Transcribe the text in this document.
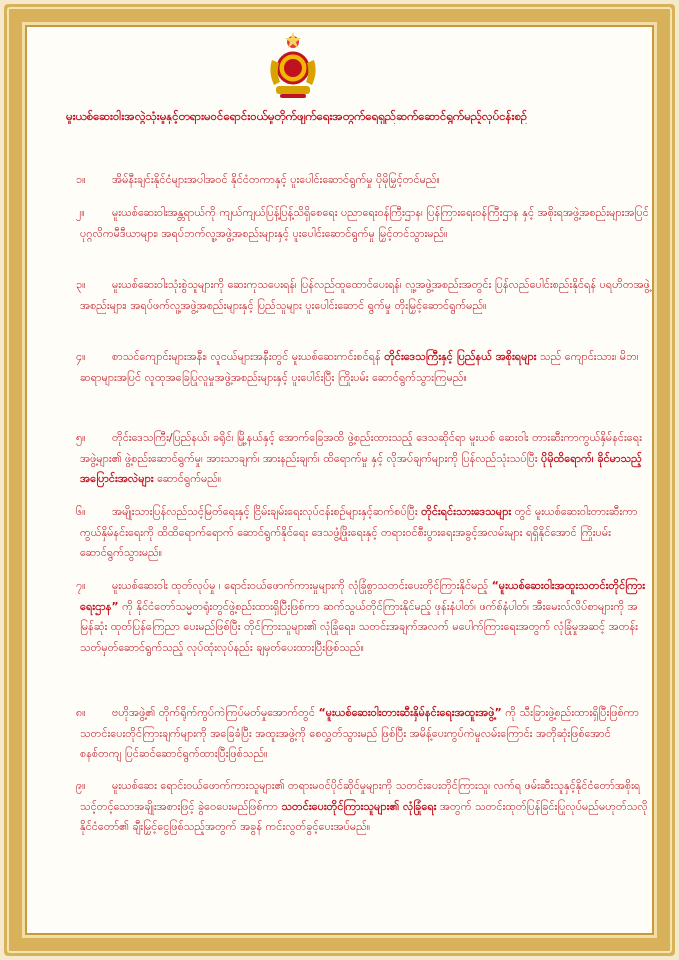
မူးယစ်ဆေးဝါးအလွဲသုံးမှုနှင့်တရားမဝင်ရောင်းဝယ်မှုတိုက်ဖျက်ရေးအတွက်ရေရှည်ဆက်ဆောင်ရွက်မည့်လုပ်ငန်းစဉ်
၁။	အိမ်နီးချင်းနိုင်ငံများအပါအဝင် နိုင်ငံတကာနှင့် ပူးပေါင်းဆောင်ရွက်မှု ပိုမိုမြှင့်တင်မည်။
၂။	မူးယစ်ဆေးဝါးအန္တရာယ်ကို ကျယ်ကျယ်ပြန့်ပြန့်သိရှိစေရေး ပညာရေးဝန်ကြီးဌာန၊ ပြန်ကြားရေးဝန်ကြီးဌာန နှင့် အစိုးရအဖွဲ့အစည်းများအပြင် ပုဂ္ဂလိကမီဒီယာများ၊ အရပ်ဘက်လူ့အဖွဲ့အစည်းများနှင့် ပူးပေါင်းဆောင်ရွက်မှု မြှင့်တင်သွားမည်။
၃။	မူးယစ်ဆေးဝါးသုံးစွဲသူများကို ဆေးကုသပေးရန်၊ ပြန်လည်ထူထောင်ပေးရန်၊ လူ့အဖွဲ့အစည်းအတွင်း ပြန်လည်ပေါင်းစည်းနိုင်ရန် ပရဟိတအဖွဲ့အစည်းများ၊ အရပ်ဖက်လူ့အဖွဲ့အစည်းများနှင့် ပြည်သူများ ပူးပေါင်းဆောင် ရွက်မှု တိုးမြှင့်ဆောင်ရွက်မည်။
၄။	စာသင်ကျောင်းများအနီး၊ လူငယ်များအနီးတွင် မူးယစ်ဆေးကင်းစင်ရန် တိုင်းဒေသကြီးနှင့် ပြည်နယ် အစိုးရများ သည် ကျောင်းသား၊ မိဘ၊ ဆရာများအပြင် လူထုအခြေပြုလူမှုအဖွဲ့အစည်းများနှင့် ပူးပေါင်းပြီး ကြိုးပမ်း ဆောင်ရွက်သွားကြမည်။
၅။	တိုင်းဒေသကြီး/ပြည်နယ်၊ ခရိုင်၊ မြို့နယ်နှင့် အောက်ခြေအထိ ဖွဲ့စည်းထားသည့် ဒေသဆိုင်ရာ မူးယစ် ဆေးဝါး တားဆီးကာကွယ်နှိမ်နင်းရေးအဖွဲ့များ၏ ဖွဲ့စည်းဆောင်ရွက်မှု၊ အားသာချက်၊ အားနည်းချက်၊ ထိရောက်မှု နှင့် လိုအပ်ချက်များကို ပြန်လည်သုံးသပ်ပြီး ပိုမိုထိရောက်၊ ခိုင်မာသည့် အပြောင်းအလဲများ ဆောင်ရွက်မည်။
၆။	အမျိုးသားပြန်လည်သင့်မြတ်ရေးနှင့် ငြိမ်းချမ်းရေးလုပ်ငန်းစဉ်များနှင့်ဆက်စပ်ပြီး တိုင်းရင်းသားဒေသများ တွင် မူးယစ်ဆေးဝါးတားဆီးကာကွယ်နှိမ်နင်းရေးကို ထိထိရောက်ရောက် ဆောင်ရွက်နိုင်ရေး ဒေသဖွံ့ဖြိုးရေးနှင့် တရားဝင်စီးပွားရေးအခွင့်အလမ်းများ ရရှိနိုင်အောင် ကြိုးပမ်းဆောင်ရွက်သွားမည်။
၇။	မူးယစ်ဆေးဝါး ထုတ်လုပ်မှု ၊ ရောင်းဝယ်ဖောက်ကားမှုများကို လုံခြုံစွာသတင်းပေးတိုင်ကြားနိုင်မည့် “မူးယစ်ဆေးဝါးအထူးသတင်းတိုင်ကြားရေးဌာန” ကို နိုင်ငံတော်သမ္မတရုံးတွင်ဖွဲ့စည်းထားရှိပြီးဖြစ်ကာ ဆက်သွယ်တိုင်ကြားနိုင်မည့် ဖုန်းနံပါတ်၊ ဖက်စ်နံပါတ်၊ အီးမေးလ်လိပ်စာများကို အမြန်ဆုံး ထုတ်ပြန်ကြေညာ ပေးမည်ဖြစ်ပြီး တိုင်ကြားသူများ၏ လုံခြုံရေး၊ သတင်းအချက်အလက် မပေါက်ကြားရေးအတွက် လုံခြုံမှုအဆင့် အတန်း သတ်မှတ်ဆောင်ရွက်သည့် လုပ်ထုံးလုပ်နည်း ချမှတ်ပေးထားပြီးဖြစ်သည်။
၈။	ဗဟိုအဖွဲ့၏ တိုက်ရိုက်ကွပ်ကဲကြပ်မတ်မှုအောက်တွင် “မူးယစ်ဆေးဝါးတားဆီးနှိမ်နင်းရေးအထူးအဖွဲ့” ကို သီးခြားဖွဲ့စည်းထားရှိပြီးဖြစ်ကာ သတင်းပေးတိုင်ကြားချက်များကို အခြေခံပြီး အထူးအဖွဲ့ကို စေလွှတ်သွားမည် ဖြစ်ပြီး အမိန့်ပေးကွပ်ကဲမှုလမ်းကြောင်း အတိုဆုံးဖြစ်အောင် စနစ်တကျ ပြင်ဆင်ဆောင်ရွက်ထားပြီးဖြစ်သည်။
၉။	မူးယစ်ဆေး ရောင်းဝယ်ဖောက်ကားသူများ၏ တရားမဝင်ပိုင်ဆိုင်မှုများကို သတင်းပေးတိုင်ကြားသူ၊ လက်ရ ဖမ်းဆီးသူနှင့်နိုင်ငံတော်အစိုးရသင့်တင့်သောအချိုးအစားဖြင့် ခွဲဝေပေးမည်ဖြစ်ကာ သတင်းပေးတိုင်ကြားသူများ၏ လုံခြုံရေး အတွက် သတင်းထုတ်ပြန်ခြင်းပြုလုပ်မည်မဟုတ်သလို နိုင်ငံတော်၏ ချီးမြှင့်ငွေဖြစ်သည့်အတွက် အခွန် ကင်းလွတ်ခွင့်ပေးအပ်မည်။
